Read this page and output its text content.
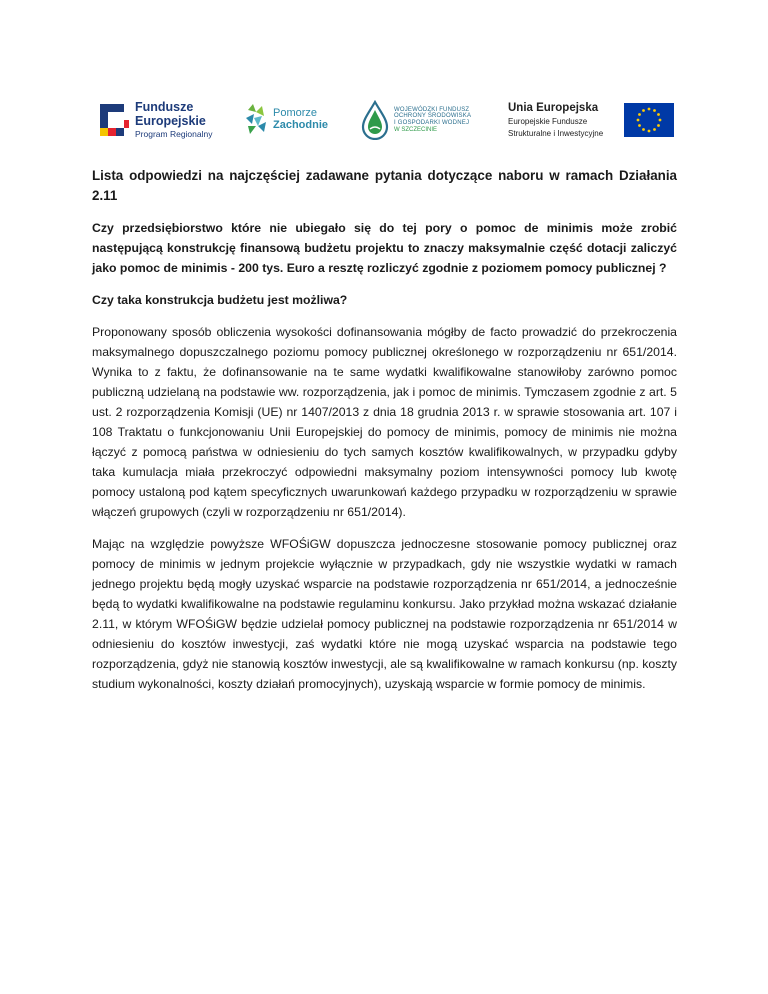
Fundusze
Europejskie
Program Regionalny
Pomorze
Zachodnie
WOJEWÓDZKI FUNDUSZ
OCHRONY ŚRODOWISKA
I GOSPODARKI WODNEJ
W SZCZECINIE
Unia Europejska
Europejskie Fundusze
Strukturalne i Inwestycyjne
Lista odpowiedzi na najczęściej zadawane pytania dotyczące naboru w ramach Działania 2.11

Czy przedsiębiorstwo które nie ubiegało się do tej pory o pomoc de minimis może zrobić następującą konstrukcję finansową budżetu projektu to znaczy maksymalnie część dotacji zaliczyć jako pomoc de minimis - 200 tys. Euro a resztę rozliczyć zgodnie z poziomem pomocy publicznej ?

Czy taka konstrukcja budżetu jest możliwa?

Proponowany sposób obliczenia wysokości dofinansowania mógłby de facto prowadzić do przekroczenia maksymalnego dopuszczalnego poziomu pomocy publicznej określonego w rozporządzeniu nr 651/2014. Wynika to z faktu, że dofinansowanie na te same wydatki kwalifikowalne stanowiłoby zarówno pomoc publiczną udzielaną na podstawie ww. rozporządzenia, jak i pomoc de minimis. Tymczasem zgodnie z art. 5 ust. 2 rozporządzenia Komisji (UE) nr 1407/2013 z dnia 18 grudnia 2013 r. w sprawie stosowania art. 107 i 108 Traktatu o funkcjonowaniu Unii Europejskiej do pomocy de minimis, pomocy de minimis nie można łączyć z pomocą państwa w odniesieniu do tych samych kosztów kwalifikowalnych, w przypadku gdyby taka kumulacja miała przekroczyć odpowiedni maksymalny poziom intensywności pomocy lub kwotę pomocy ustaloną pod kątem specyficznych uwarunkowań każdego przypadku w rozporządzeniu w sprawie włączeń grupowych (czyli w rozporządzeniu nr 651/2014).

Mając na względzie powyższe WFOŚiGW dopuszcza jednoczesne stosowanie pomocy publicznej oraz pomocy de minimis w jednym projekcie wyłącznie w przypadkach, gdy nie wszystkie wydatki w ramach jednego projektu będą mogły uzyskać wsparcie na podstawie rozporządzenia nr 651/2014, a jednocześnie będą to wydatki kwalifikowalne na podstawie regulaminu konkursu. Jako przykład można wskazać działanie 2.11, w którym WFOŚiGW będzie udzielał pomocy publicznej na podstawie rozporządzenia nr 651/2014 w odniesieniu do kosztów inwestycji, zaś wydatki które nie mogą uzyskać wsparcia na podstawie tego rozporządzenia, gdyż nie stanowią kosztów inwestycji, ale są kwalifikowalne w ramach konkursu (np. koszty studium wykonalności, koszty działań promocyjnych), uzyskają wsparcie w formie pomocy de minimis.
